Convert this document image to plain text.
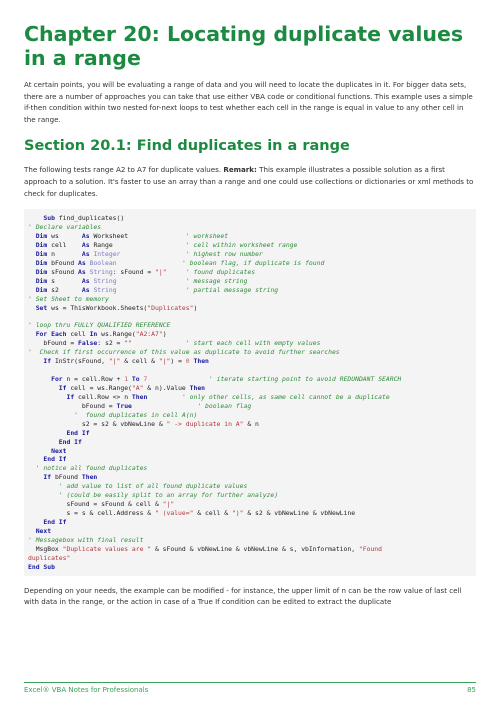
Chapter 20: Locating duplicate values in a range

At certain points, you will be evaluating a range of data and you will need to locate the duplicates in it. For bigger data sets, there are a number of approaches you can take that use either VBA code or conditional functions. This example uses a simple if-then condition within two nested for-next loops to test whether each cell in the range is equal in value to any other cell in the range.

Section 20.1: Find duplicates in a range

The following tests range A2 to A7 for duplicate values. Remark: This example illustrates a possible solution as a first approach to a solution. It's faster to use an array than a range and one could use collections or dictionaries or xml methods to check for duplicates.

Sub find_duplicates()
' Declare variables
Dim ws      As Worksheet               ' worksheet
Dim cell    As Range                   ' cell within worksheet range
Dim n       As Integer	' highest row number
Dim bFound As Boolean	' boolean flag, if duplicate is found
Dim sFound As String: sFound = "|"	' found duplicates
Dim s       As String	' message string
Dim s2      As String	' partial message string
' Set Sheet to memory
Set ws = ThisWorkbook.Sheets("Duplicates")
' loop thru FULLY QUALIFIED REFERENCE
For Each cell In ws.Range("A2:A7")
bFound = False: s2 = ""	' start each cell with empty values
'  Check if first occurrence of this value as duplicate to avoid further searches
If InStr(sFound, "|" & cell & "|") = 0 Then
For n = cell.Row + 1 To 7	' iterate starting point to avoid REDUNDANT SEARCH
If cell = ws.Range("A" & n).Value Then
If cell.Row <> n Then	' only other cells, as same cell cannot be a duplicate
bFound = True	' boolean flag
'  found duplicates in cell A(n)
s2 = s2 & vbNewLine & " -> duplicate in A" & n
End If
End If
Next
End If
' notice all found duplicates
If bFound Then
' add value to list of all found duplicate values
' (could be easily split to an array for further analyze)
sFound = sFound & cell & "|"
s = s & cell.Address & " (value=" & cell & ")" & s2 & vbNewLine & vbNewLine
End If
Next
' Messagebox with final result
MsgBox "Duplicate values are " & sFound & vbNewLine & vbNewLine & s, vbInformation, "Found
duplicates"
End Sub

Depending on your needs, the example can be modified - for instance, the upper limit of n can be the row value of last cell with data in the range, or the action in case of a True If condition can be edited to extract the duplicate

Excel® VBA Notes for Professionals	85
